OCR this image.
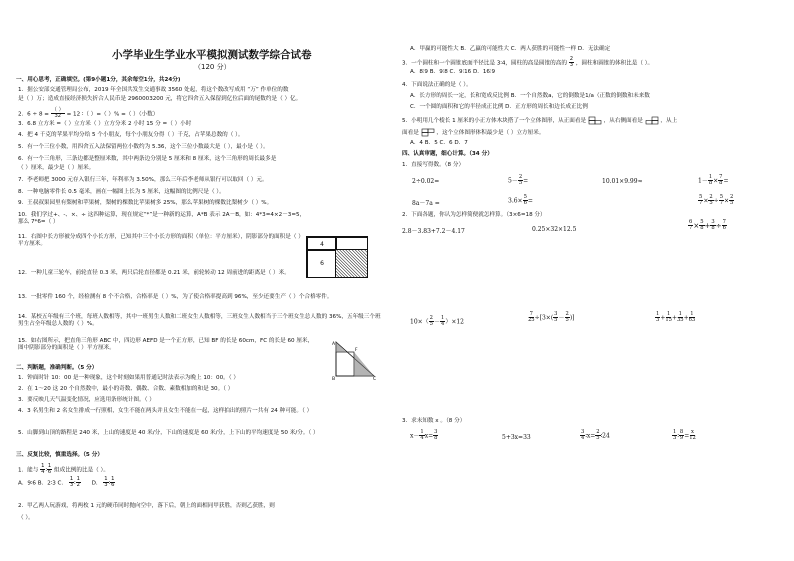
小学毕业生学业水平模拟测试数学综合试卷
（120 分）
一、用心思考，正确填空。(第9小题1分，其余每空1分，共24分)
1．据公安部交通管理局公布，2019 年全国共发生交通事故 3560 处起，将这个数改写成用 “万” 作单位的数
是（ ）万；造成直接经济损失折合人民币是 2960003200 元，将它四舍五入保留到亿位后面的尾数约是（ ）亿。
2．$6 \div 8 = \frac{( )}{32} = 12$ ∶（ ）=（ ）% =（ ）（小数）
3．6.8 立方米 =（ ）立方米（ ）立方分米 2 小时 15 分 =（ ）小时
4．把 4 千克的苹果平均分给 5 个小朋友，每个小朋友分得（ ）千克，占苹果总数的（ ）。
5．有一个三位小数，用四舍五入法保留两位小数约为 5.36，这个三位小数最大是（ ），最小是（ ）。
6．有一个三角形，三条边都是整厘米数，其中两条边分别是 5 厘米和 8 厘米，这个三角形的周长最多是
（ ）厘米，最少是（ ）厘米。
7．李老师把 3000 元存入银行三年，年利率为 3.50%，那么三年后李老师从银行可以取回（ ）元。
8．一种电脑零件长 0.5 毫米，画在一幅图上长为 5 厘米，这幅图的比例尺是（ ）。
9．王叔叔果园里有梨树和苹果树，梨树的棵数比苹果树多 25%，那么苹果树的棵数比梨树少（ ）%。
10．我们学过+、-、×、÷ 这四种运算，现在规定“*”是一种新的运算，A*B 表示 2A－B，如：4*3=4×2－3=5，那么 7*6=（ ）
11．右图中长方形被分成四个小长方形，已知其中三个小长方形的面积（单位：平方厘米），阴影部分的面积是（ ）平方厘米。	4
6
12．一种儿童三轮车，前轮直径 0.3 米，两只后轮直径都是 0.21 米，前轮转动 12 周前进的距离是（ ）米。
13．一批零件 160 个，经检测有 8 个不合格，合格率是（ ）%，为了使合格率提高到 96%，至少还要生产（ ）个合格零件。
14．某校五年级有三个班，每班人数相等，其中一班男生人数和二班女生人数相等，三班女生人数相当于三个班女生总人数的 36%，五年级三个班男生占全年级总人数的（ ）%。
15．如右图所示，把直角三角形 ABC 中，四边形 AEFD 是一个正方形，已知 BF 的长是 60cm，FC 的长是 60 厘米，图中阴影部分的面积是（ ）平方厘米。
A
F
B	C
二、判断题，准确判断。（5 分）
1．钟面时针 10：00 是一种现象，这个时刻如果用普通记时法表示为晚上 10：00。（ ）
2．在 1～20 这 20 个自然数中，最小的奇数、偶数、合数、素数相加的和是 30。（ ）
3．要反映几天气温变化情况，应选用条形统计图。（ ）
4．3 名男生和 2 名女生排成一行照相，女生不能在两头并且女生不能在一起，这样拍出的照片一共有 24 种可能。（ ）
5．山脚到山顶的路程是 240 米，上山的速度是 40 米/分，下山的速度是 60 米/分，上下山的平均速度是 50 米/分。（ ）
三、反复比较，慎重选择。（5 分）
1．能与 $\frac{1}{4}$ ∶ $\frac{1}{6}$ 组成比例的比是（ ）。
A．9∶6 B．2∶3 C． $\frac{1}{3}$ ∶ $\frac{1}{2}$ D． $\frac{1}{3}$ ∶ $\frac{1}{6}$
2．甲乙两人玩游戏，将两枚 1 元的硬币同时抛向空中，落下后，朝上的面相同甲获胜，否则乙获胜，则
（ ）。
A．甲赢的可能性大 B．乙赢的可能性大 C．两人获胜的可能性一样 D．无法确定
3．一个圆柱和一个圆锥底面半径比是 3∶4，圆柱的高是圆锥的高的 $\frac{2}{3}$ ，圆柱和圆锥的体积比是（ ）。
A．8∶9 B．9∶8 C．9∶16 D．16∶9
4．下面说法正确的是（ ）。
A．长方形的周长一定，长和宽成反比例 B．一个自然数a，它的倒数是1/a（正数的倒数和未来数
C．一个圆的面积和它的半径成正比例 D．正方形的周长和边长成正比例
5．小明用几个棱长 1 厘米的小正方体木块搭了一个立体图形，从正面看是	，从右侧面看是	，从上
面看是	，这个立体图形体积最少是（ ）立方厘米。
A．4 B．5 C．6 D．7
四、认真审题，细心计算。（34 分）
1．直接写得数。（8 分）
2÷0.02=	$5- \frac{2}{5}$ =	10.01×9.99≈	$1- \frac{1}{8} \times \frac{7}{8}$ =
8a－7a =	$3.6\times \frac{5}{6}$ =	$\frac{5}{7} \times \frac{2}{5} \div \frac{5}{7} \times \frac{2}{5}$
2．下面各题，你认为怎样简便就怎样算。（3×6=18 分）
2.8－3.83+7.2－4.17	0.25×32×12.5	$\frac{6}{7} \times \frac{5}{8} + \frac{3}{8} \div \frac{7}{6}$
$10\times( \frac{2}{5} - \frac{1}{4} )\times 12$	$\frac{7}{25} \div[3\times( \frac{3}{5} - \frac{2}{5}$ )]	$\frac{1}{3} + \frac{1}{15} + \frac{1}{35} + \frac{1}{63}$
3．求未知数 x 。（8 分）
$x- \frac{1}{4} x= \frac{3}{8}$	5+3x=33	$\frac{3}{4}$ ∶x= $\frac{2}{5}$ ∶24	$\frac{1}{3}$ ∶ $\frac{8}{9} = \frac{x}{12}$
